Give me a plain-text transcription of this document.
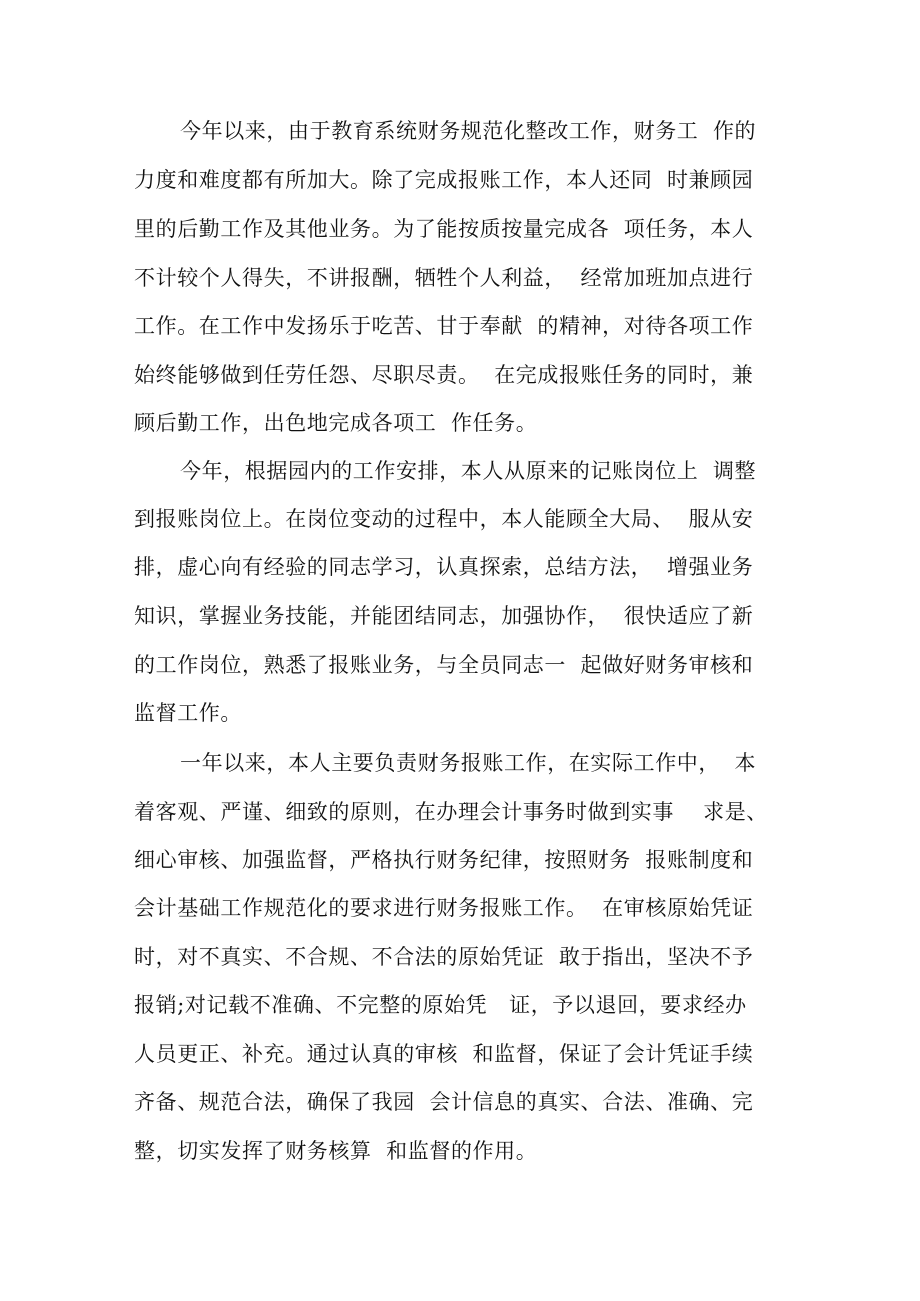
今年以来，由于教育系统财务规范化整改工作，财务工  作的
力度和难度都有所加大。除了完成报账工作，本人还同  时兼顾园
里的后勤工作及其他业务。为了能按质按量完成各  项任务，本人
不计较个人得失，不讲报酬，牺牲个人利益，  经常加班加点进行
工作。在工作中发扬乐于吃苦、甘于奉献  的精神，对待各项工作
始终能够做到任劳任怨、尽职尽责。  在完成报账任务的同时，兼
顾后勤工作，出色地完成各项工  作任务。
今年，根据园内的工作安排，本人从原来的记账岗位上  调整
到报账岗位上。在岗位变动的过程中，本人能顾全大局、  服从安
排，虚心向有经验的同志学习，认真探索，总结方法，  增强业务
知识，掌握业务技能，并能团结同志，加强协作，  很快适应了新
的工作岗位，熟悉了报账业务，与全员同志一  起做好财务审核和
监督工作。
一年以来，本人主要负责财务报账工作，在实际工作中，  本
着客观、严谨、细致的原则，在办理会计事务时做到实事    求是、
细心审核、加强监督，严格执行财务纪律，按照财务  报账制度和
会计基础工作规范化的要求进行财务报账工作。  在审核原始凭证
时，对不真实、不合规、不合法的原始凭证  敢于指出，坚决不予
报销;对记载不准确、不完整的原始凭   证，予以退回，要求经办
人员更正、补充。通过认真的审核  和监督，保证了会计凭证手续
齐备、规范合法，确保了我园  会计信息的真实、合法、准确、完
整，切实发挥了财务核算  和监督的作用。
